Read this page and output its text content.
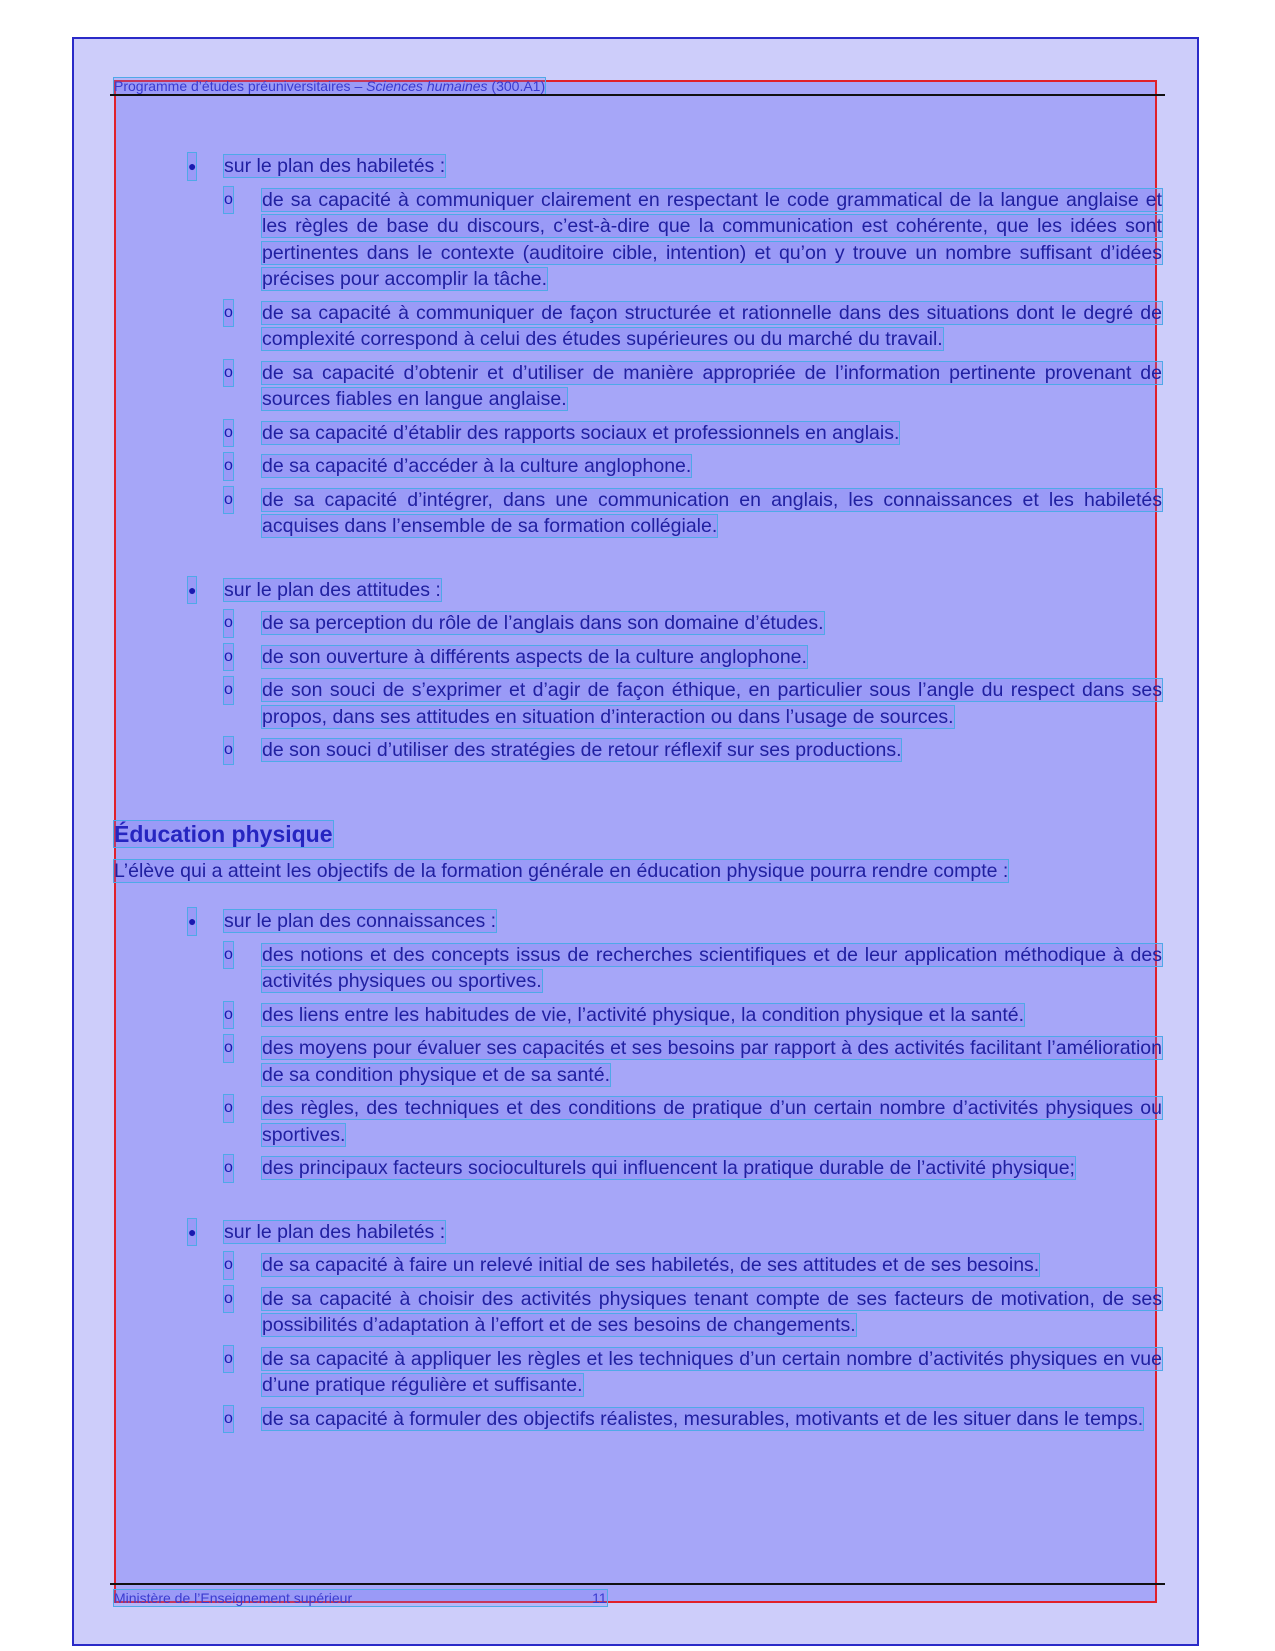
Programme d’études préuniversitaires – Sciences humaines (300.A1)

● sur le plan des habiletés :

o de sa capacité à communiquer clairement en respectant le code grammatical de la langue anglaise et les règles de base du discours, c’est-à-dire que la communication est cohérente, que les idées sont pertinentes dans le contexte (auditoire cible, intention) et qu’on y trouve un nombre suffisant d’idées précises pour accomplir la tâche.

o de sa capacité à communiquer de façon structurée et rationnelle dans des situations dont le degré de complexité correspond à celui des études supérieures ou du marché du travail.

o de sa capacité d’obtenir et d’utiliser de manière appropriée de l’information pertinente provenant de sources fiables en langue anglaise.

o de sa capacité d’établir des rapports sociaux et professionnels en anglais.

o de sa capacité d’accéder à la culture anglophone.

o de sa capacité d’intégrer, dans une communication en anglais, les connaissances et les habiletés acquises dans l’ensemble de sa formation collégiale.

● sur le plan des attitudes :

o de sa perception du rôle de l’anglais dans son domaine d’études.

o de son ouverture à différents aspects de la culture anglophone.

o de son souci de s’exprimer et d’agir de façon éthique, en particulier sous l’angle du respect dans ses propos, dans ses attitudes en situation d’interaction ou dans l’usage de sources.

o de son souci d’utiliser des stratégies de retour réflexif sur ses productions.

Éducation physique

L’élève qui a atteint les objectifs de la formation générale en éducation physique pourra rendre compte :

● sur le plan des connaissances :

o des notions et des concepts issus de recherches scientifiques et de leur application méthodique à des activités physiques ou sportives.

o des liens entre les habitudes de vie, l’activité physique, la condition physique et la santé.

o des moyens pour évaluer ses capacités et ses besoins par rapport à des activités facilitant l’amélioration de sa condition physique et de sa santé.

o des règles, des techniques et des conditions de pratique d’un certain nombre d’activités physiques ou sportives.

o des principaux facteurs socioculturels qui influencent la pratique durable de l’activité physique;

● sur le plan des habiletés :

o de sa capacité à faire un relevé initial de ses habiletés, de ses attitudes et de ses besoins.

o de sa capacité à choisir des activités physiques tenant compte de ses facteurs de motivation, de ses possibilités d’adaptation à l’effort et de ses besoins de changements.

o de sa capacité à appliquer les règles et les techniques d’un certain nombre d’activités physiques en vue d’une pratique régulière et suffisante.

o de sa capacité à formuler des objectifs réalistes, mesurables, motivants et de les situer dans le temps.

Ministère de l’Enseignement supérieur	11
